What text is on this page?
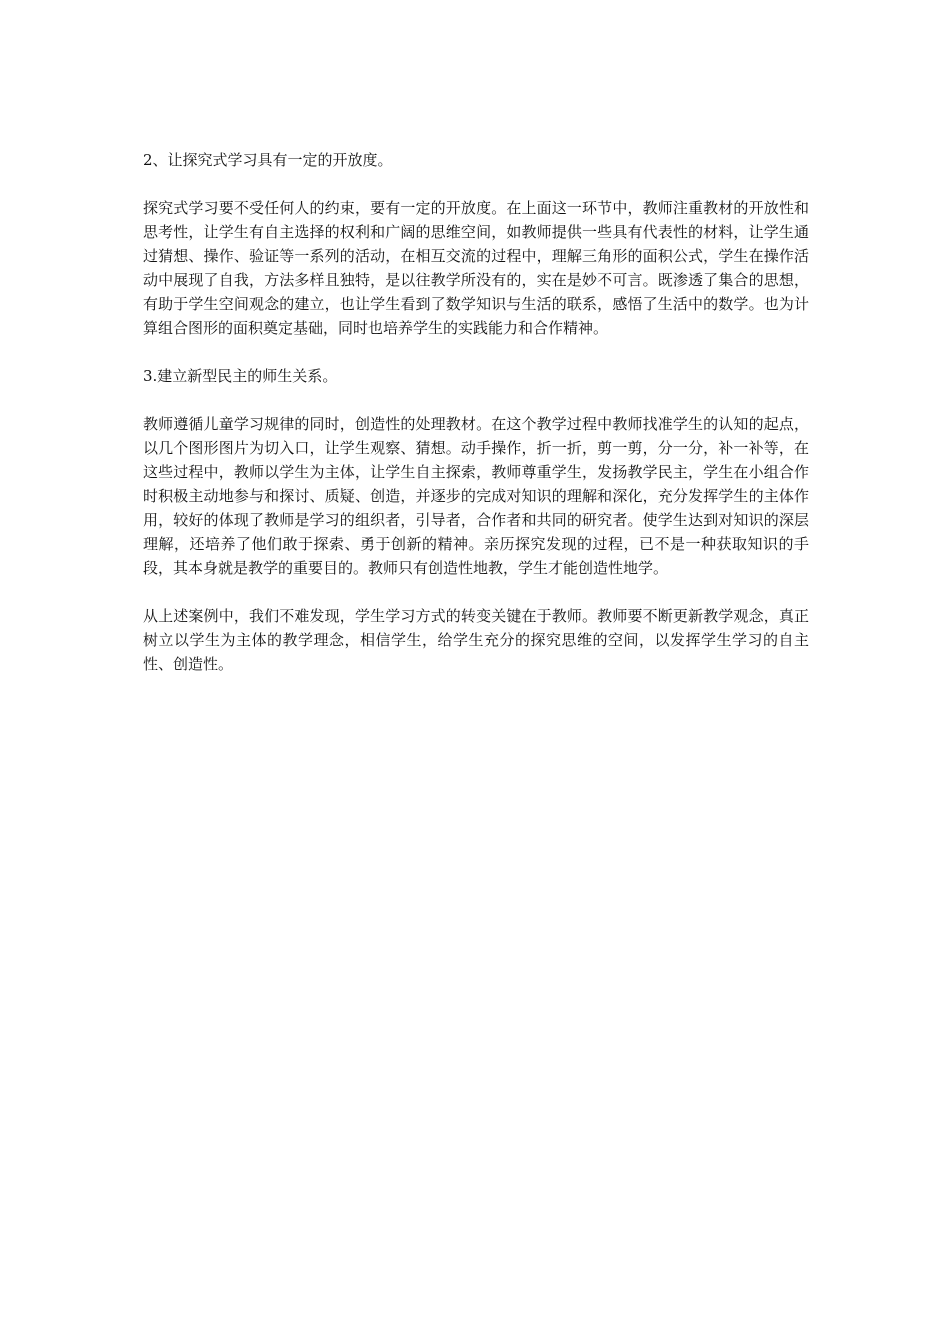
2、让探究式学习具有一定的开放度。

探究式学习要不受任何人的约束，要有一定的开放度。在上面这一环节中，教师注重教材的开放性和思考性，让学生有自主选择的权利和广阔的思维空间，如教师提供一些具有代表性的材料，让学生通过猜想、操作、验证等一系列的活动，在相互交流的过程中，理解三角形的面积公式，学生在操作活动中展现了自我，方法多样且独特，是以往教学所没有的，实在是妙不可言。既渗透了集合的思想，有助于学生空间观念的建立，也让学生看到了数学知识与生活的联系，感悟了生活中的数学。也为计算组合图形的面积奠定基础，同时也培养学生的实践能力和合作精神。

3.建立新型民主的师生关系。

教师遵循儿童学习规律的同时，创造性的处理教材。在这个教学过程中教师找准学生的认知的起点，以几个图形图片为切入口，让学生观察、猜想。动手操作，折一折，剪一剪，分一分，补一补等，在这些过程中，教师以学生为主体，让学生自主探索，教师尊重学生，发扬教学民主，学生在小组合作时积极主动地参与和探讨、质疑、创造，并逐步的完成对知识的理解和深化，充分发挥学生的主体作用，较好的体现了教师是学习的组织者，引导者，合作者和共同的研究者。使学生达到对知识的深层理解，还培养了他们敢于探索、勇于创新的精神。亲历探究发现的过程，已不是一种获取知识的手段，其本身就是教学的重要目的。教师只有创造性地教，学生才能创造性地学。

从上述案例中，我们不难发现，学生学习方式的转变关键在于教师。教师要不断更新教学观念，真正树立以学生为主体的教学理念，相信学生，给学生充分的探究思维的空间，以发挥学生学习的自主性、创造性。
